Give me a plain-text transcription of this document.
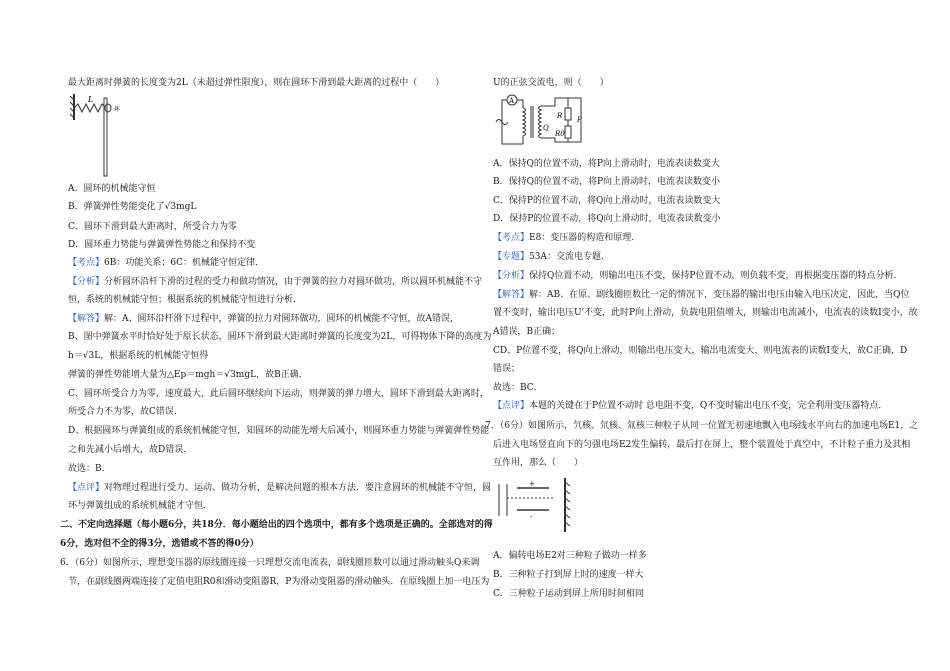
最大距离时弹簧的长度变为2L（未超过弹性限度），则在圆环下滑到最大距离的过程中（　　）
L
环
A．圆环的机械能守恒
B．弹簧弹性势能变化了√3mgL
C．圆环下滑到最大距离时，所受合力为零
D．圆环重力势能与弹簧弹性势能之和保持不变
【考点】6B：功能关系；6C：机械能守恒定律．
【分析】分析圆环沿杆下滑的过程的受力和做功情况，由于弹簧的拉力对圆环做功，所以圆环机械能不守
恒，系统的机械能守恒；根据系统的机械能守恒进行分析．
【解答】解：A、圆环沿杆滑下过程中，弹簧的拉力对圆环做功，圆环的机械能不守恒，故A错误，
B、图中弹簧水平时恰好处于原长状态，圆环下滑到最大距离时弹簧的长度变为2L，可得物体下降的高度为
h＝√3L，根据系统的机械能守恒得
弹簧的弹性势能增大量为△Ep＝mgh＝√3mgL，故B正确．
C、圆环所受合力为零，速度最大，此后圆环继续向下运动，则弹簧的弹力增大，圆环下滑到最大距离时，
所受合力不为零，故C错误．
D、根据圆环与弹簧组成的系统机械能守恒，知圆环的动能先增大后减小，则圆环重力势能与弹簧弹性势能
之和先减小后增大，故D错误．
故选：B．
【点评】对物理过程进行受力、运动、做功分析，是解决问题的根本方法．要注意圆环的机械能不守恒，圆
环与弹簧组成的系统机械能才守恒．
二、不定向选择题（每小题6分，共18分．每小题给出的四个选项中，都有多个选项是正确的。全部选对的得
6分，选对但不全的得3分，选错或不答的得0分）
6．（6分）如图所示，理想变压器的原线圈连接一只理想交流电流表，副线圈匝数可以通过滑动触头Q来调
节，在副线圈两端连接了定值电阻R0和滑动变阻器R，P为滑动变阻器的滑动触头．在原线圈上加一电压为
U的正弦交流电，则（　　）
A
Q
R P
R0
A．保持Q的位置不动，将P向上滑动时，电流表读数变大
B．保持Q的位置不动，将P向上滑动时，电流表读数变小
C．保持P的位置不动，将Q向上滑动时，电流表读数变大
D．保持P的位置不动，将Q向上滑动时，电流表读数变小
【考点】E8：变压器的构造和原理．
【专题】53A：交流电专题．
【分析】保持Q位置不动，则输出电压不变，保持P位置不动，则负载不变，再根据变压器的特点分析．
【解答】解：AB、在原、副线圈匝数比一定的情况下，变压器的输出电压由输入电压决定，因此，当Q位
置不变时，输出电压U'不变，此时P向上滑动，负载电阻值增大，则输出电流减小，电流表的读数I变小，故
A错误，B正确；
CD、P位置不变，将Q向上滑动，则输出电压变大，输出电流变大，则电流表的读数I变大，故C正确，D
错误；
故选：BC．
【点评】本题的关键在于P位置不动时 总电阻不变，Q不变时输出电压不变，完全利用变压器特点．
7．（6分）如图所示，氕核、氘核、氚核三种粒子从同一位置无初速地飘入电场线水平向右的加速电场E1，之
后进入电场竖直向下的匀强电场E2发生偏转，最后打在屏上，整个装置处于真空中，不计粒子重力及其相
互作用，那么（　　）
+
-
A．偏转电场E2对三种粒子做功一样多
B．三种粒子打到屏上时的速度一样大
C．三种粒子运动到屏上所用时间相同
